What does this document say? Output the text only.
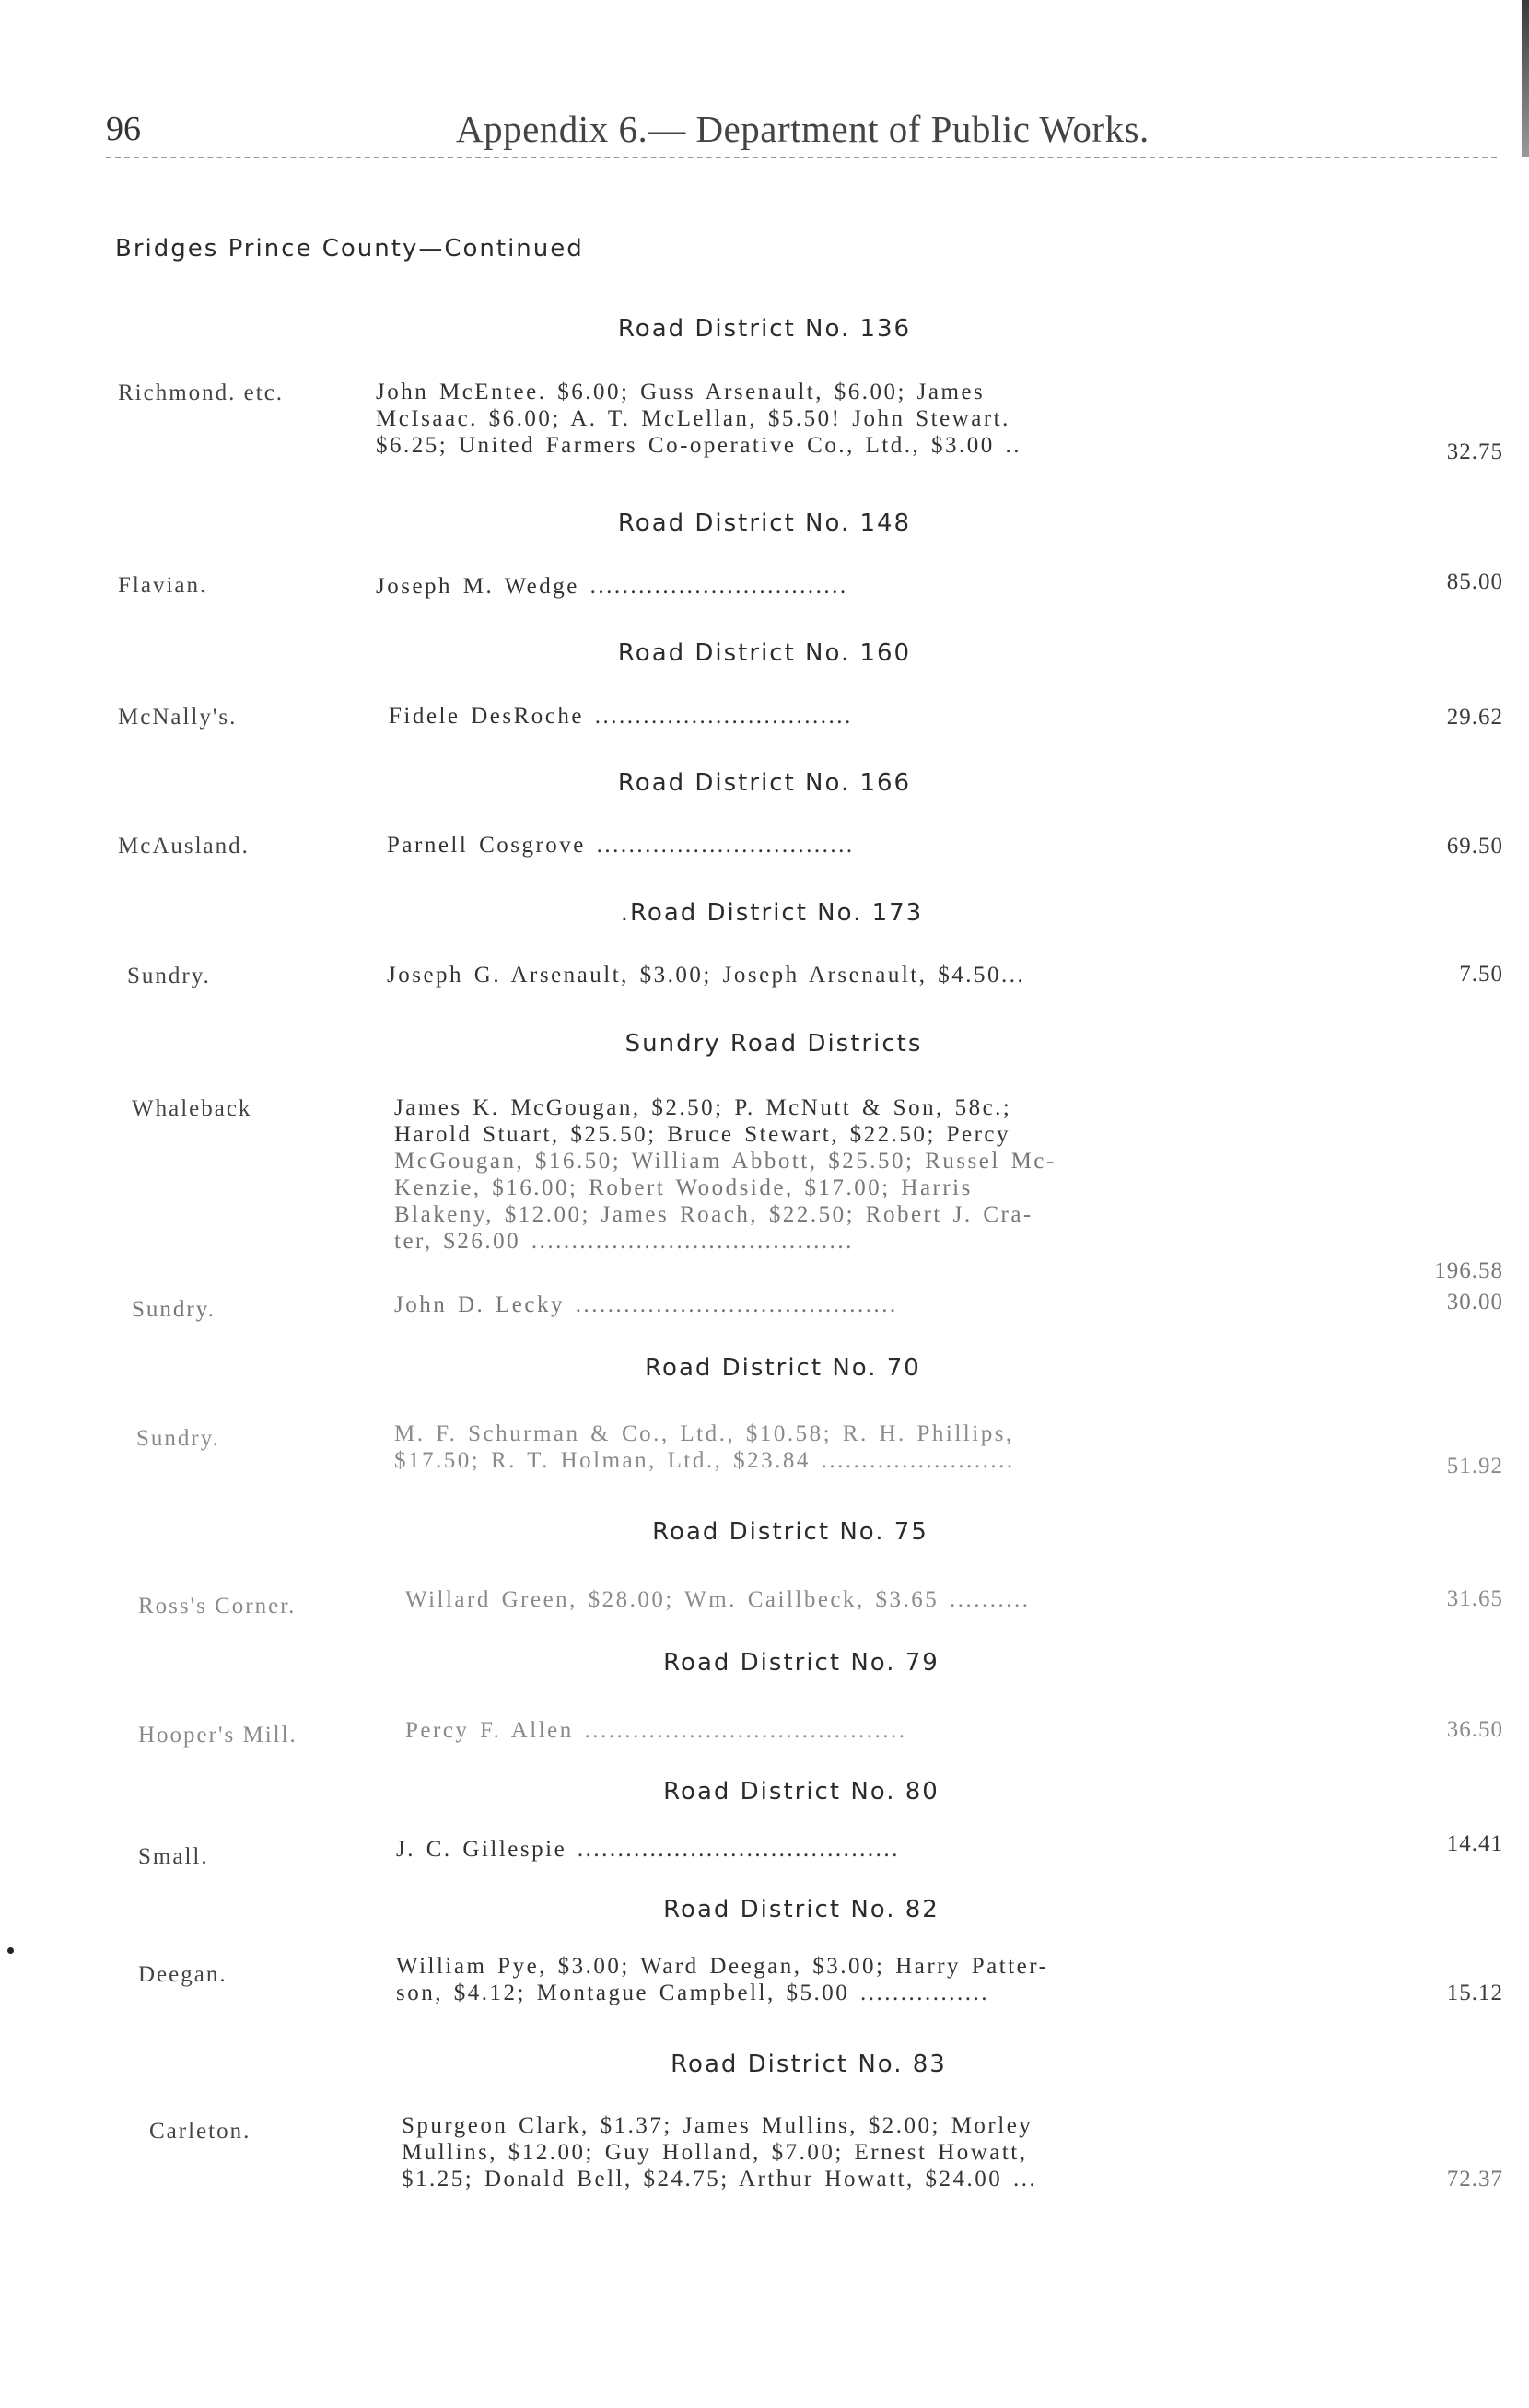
96	Appendix 6.— Department of Public Works.
Bridges Prince County—Continued
Road District No. 136
Richmond. etc.	John McEntee. $6.00; Guss Arsenault, $6.00; James
McIsaac. $6.00; A. T. McLellan, $5.50! John Stewart.
$6.25; United Farmers Co-operative Co., Ltd., $3.00 ..	32.75
Road District No. 148
Flavian.	Joseph M. Wedge ................................	85.00
Road District No. 160
McNally's.	Fidele DesRoche ................................	29.62
Road District No. 166
McAusland.	Parnell Cosgrove ................................	69.50
.Road District No. 173
Sundry.	Joseph G. Arsenault, $3.00; Joseph Arsenault, $4.50...	7.50
Sundry Road Districts
Whaleback	James K. McGougan, $2.50; P. McNutt & Son, 58c.;
Harold Stuart, $25.50; Bruce Stewart, $22.50; Percy
McGougan, $16.50; William Abbott, $25.50; Russel Mc-
Kenzie, $16.00; Robert Woodside, $17.00; Harris
Blakeny, $12.00; James Roach, $22.50; Robert J. Cra-
ter, $26.00 ........................................
196.58
Sundry.	John D. Lecky ........................................	30.00
Road District No. 70
Sundry.	M. F. Schurman & Co., Ltd., $10.58; R. H. Phillips,
$17.50; R. T. Holman, Ltd., $23.84 ........................	51.92
Road District No. 75
Ross's Corner.	Willard Green, $28.00; Wm. Caillbeck, $3.65 ..........	31.65
Road District No. 79
Hooper's Mill.	Percy F. Allen ........................................	36.50
Road District No. 80
Small.	J. C. Gillespie ........................................	14.41
Road District No. 82
Deegan.	William Pye, $3.00; Ward Deegan, $3.00; Harry Patter-
son, $4.12; Montague Campbell, $5.00 ................	15.12
Road District No. 83
Carleton.	Spurgeon Clark, $1.37; James Mullins, $2.00; Morley
Mullins, $12.00; Guy Holland, $7.00; Ernest Howatt,
$1.25; Donald Bell, $24.75; Arthur Howatt, $24.00 ...	72.37
